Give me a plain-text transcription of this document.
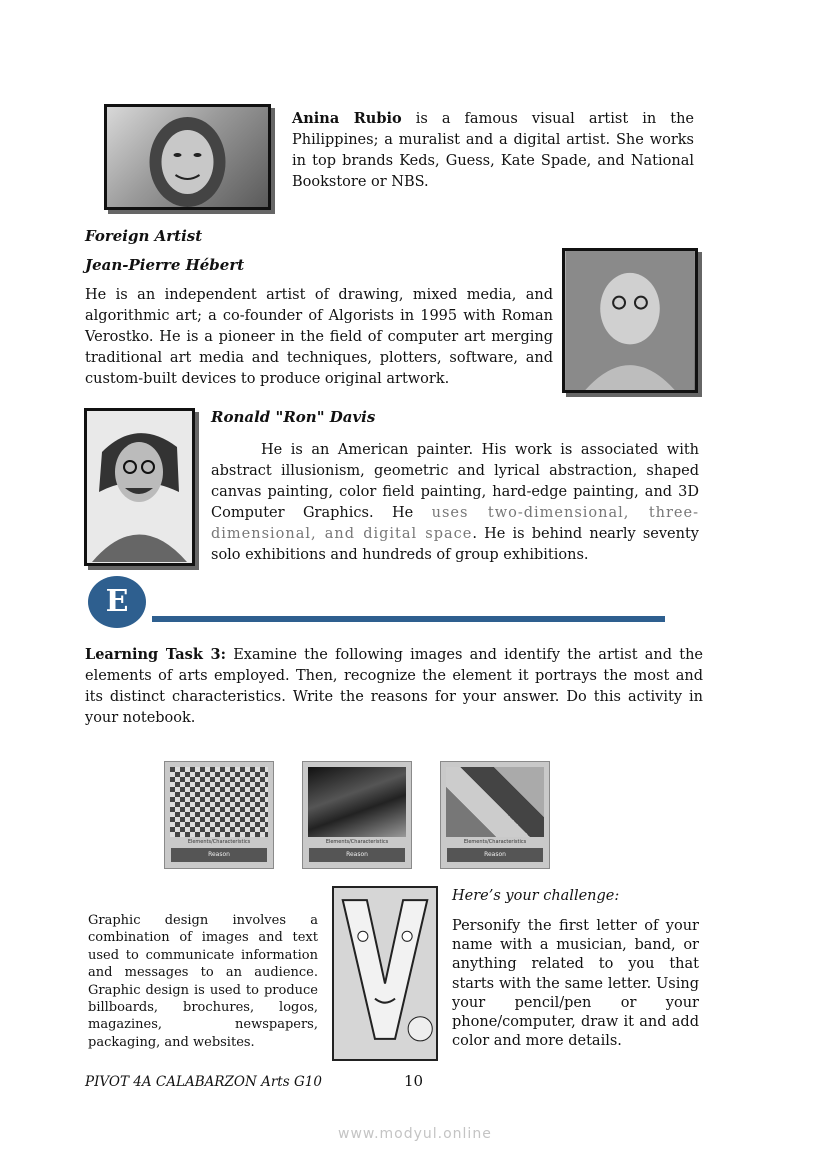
Anina Rubio is a famous visual artist in the Philippines; a muralist and a digital artist. She works in top brands Keds, Guess, Kate Spade, and National Bookstore or NBS.

Foreign Artist
Jean-Pierre Hébert

He is an independent artist of drawing, mixed media, and algorithmic art; a co-founder of Algorists in 1995 with Roman Verostko. He is a pioneer in the field of computer art merging traditional art media and techniques, plotters, software, and custom-built devices to produce original artwork.

Ronald "Ron" Davis

He is an American painter. His work is associated with abstract illusionism, geometric and lyrical abstraction, shaped canvas painting, color field painting, hard-edge painting, and 3D Computer Graphics. He uses two-dimensional, three-dimensional, and digital space. He is behind nearly seventy solo exhibitions and hundreds of group exhibitions.

E

Learning Task 3: Examine the following images and identify the artist and the elements of arts employed. Then, recognize the element it portrays the most and its distinct characteristics. Write the reasons for your answer. Do this activity in your notebook.

Elements/Characteristics
Reason
Elements/Characteristics
Reason
Elements/Characteristics
Reason

Graphic design involves a combination of images and text used to communicate information and messages to an audience. Graphic design is used to produce billboards, brochures, logos, magazines, newspapers, packaging, and websites.

Here’s your challenge:

Personify the first letter of your name with a musician, band, or anything related to you that starts with the same letter. Using your pencil/pen or your phone/computer, draw it and add color and more details.

PIVOT 4A CALABARZON Arts G10	10
www.modyul.online
